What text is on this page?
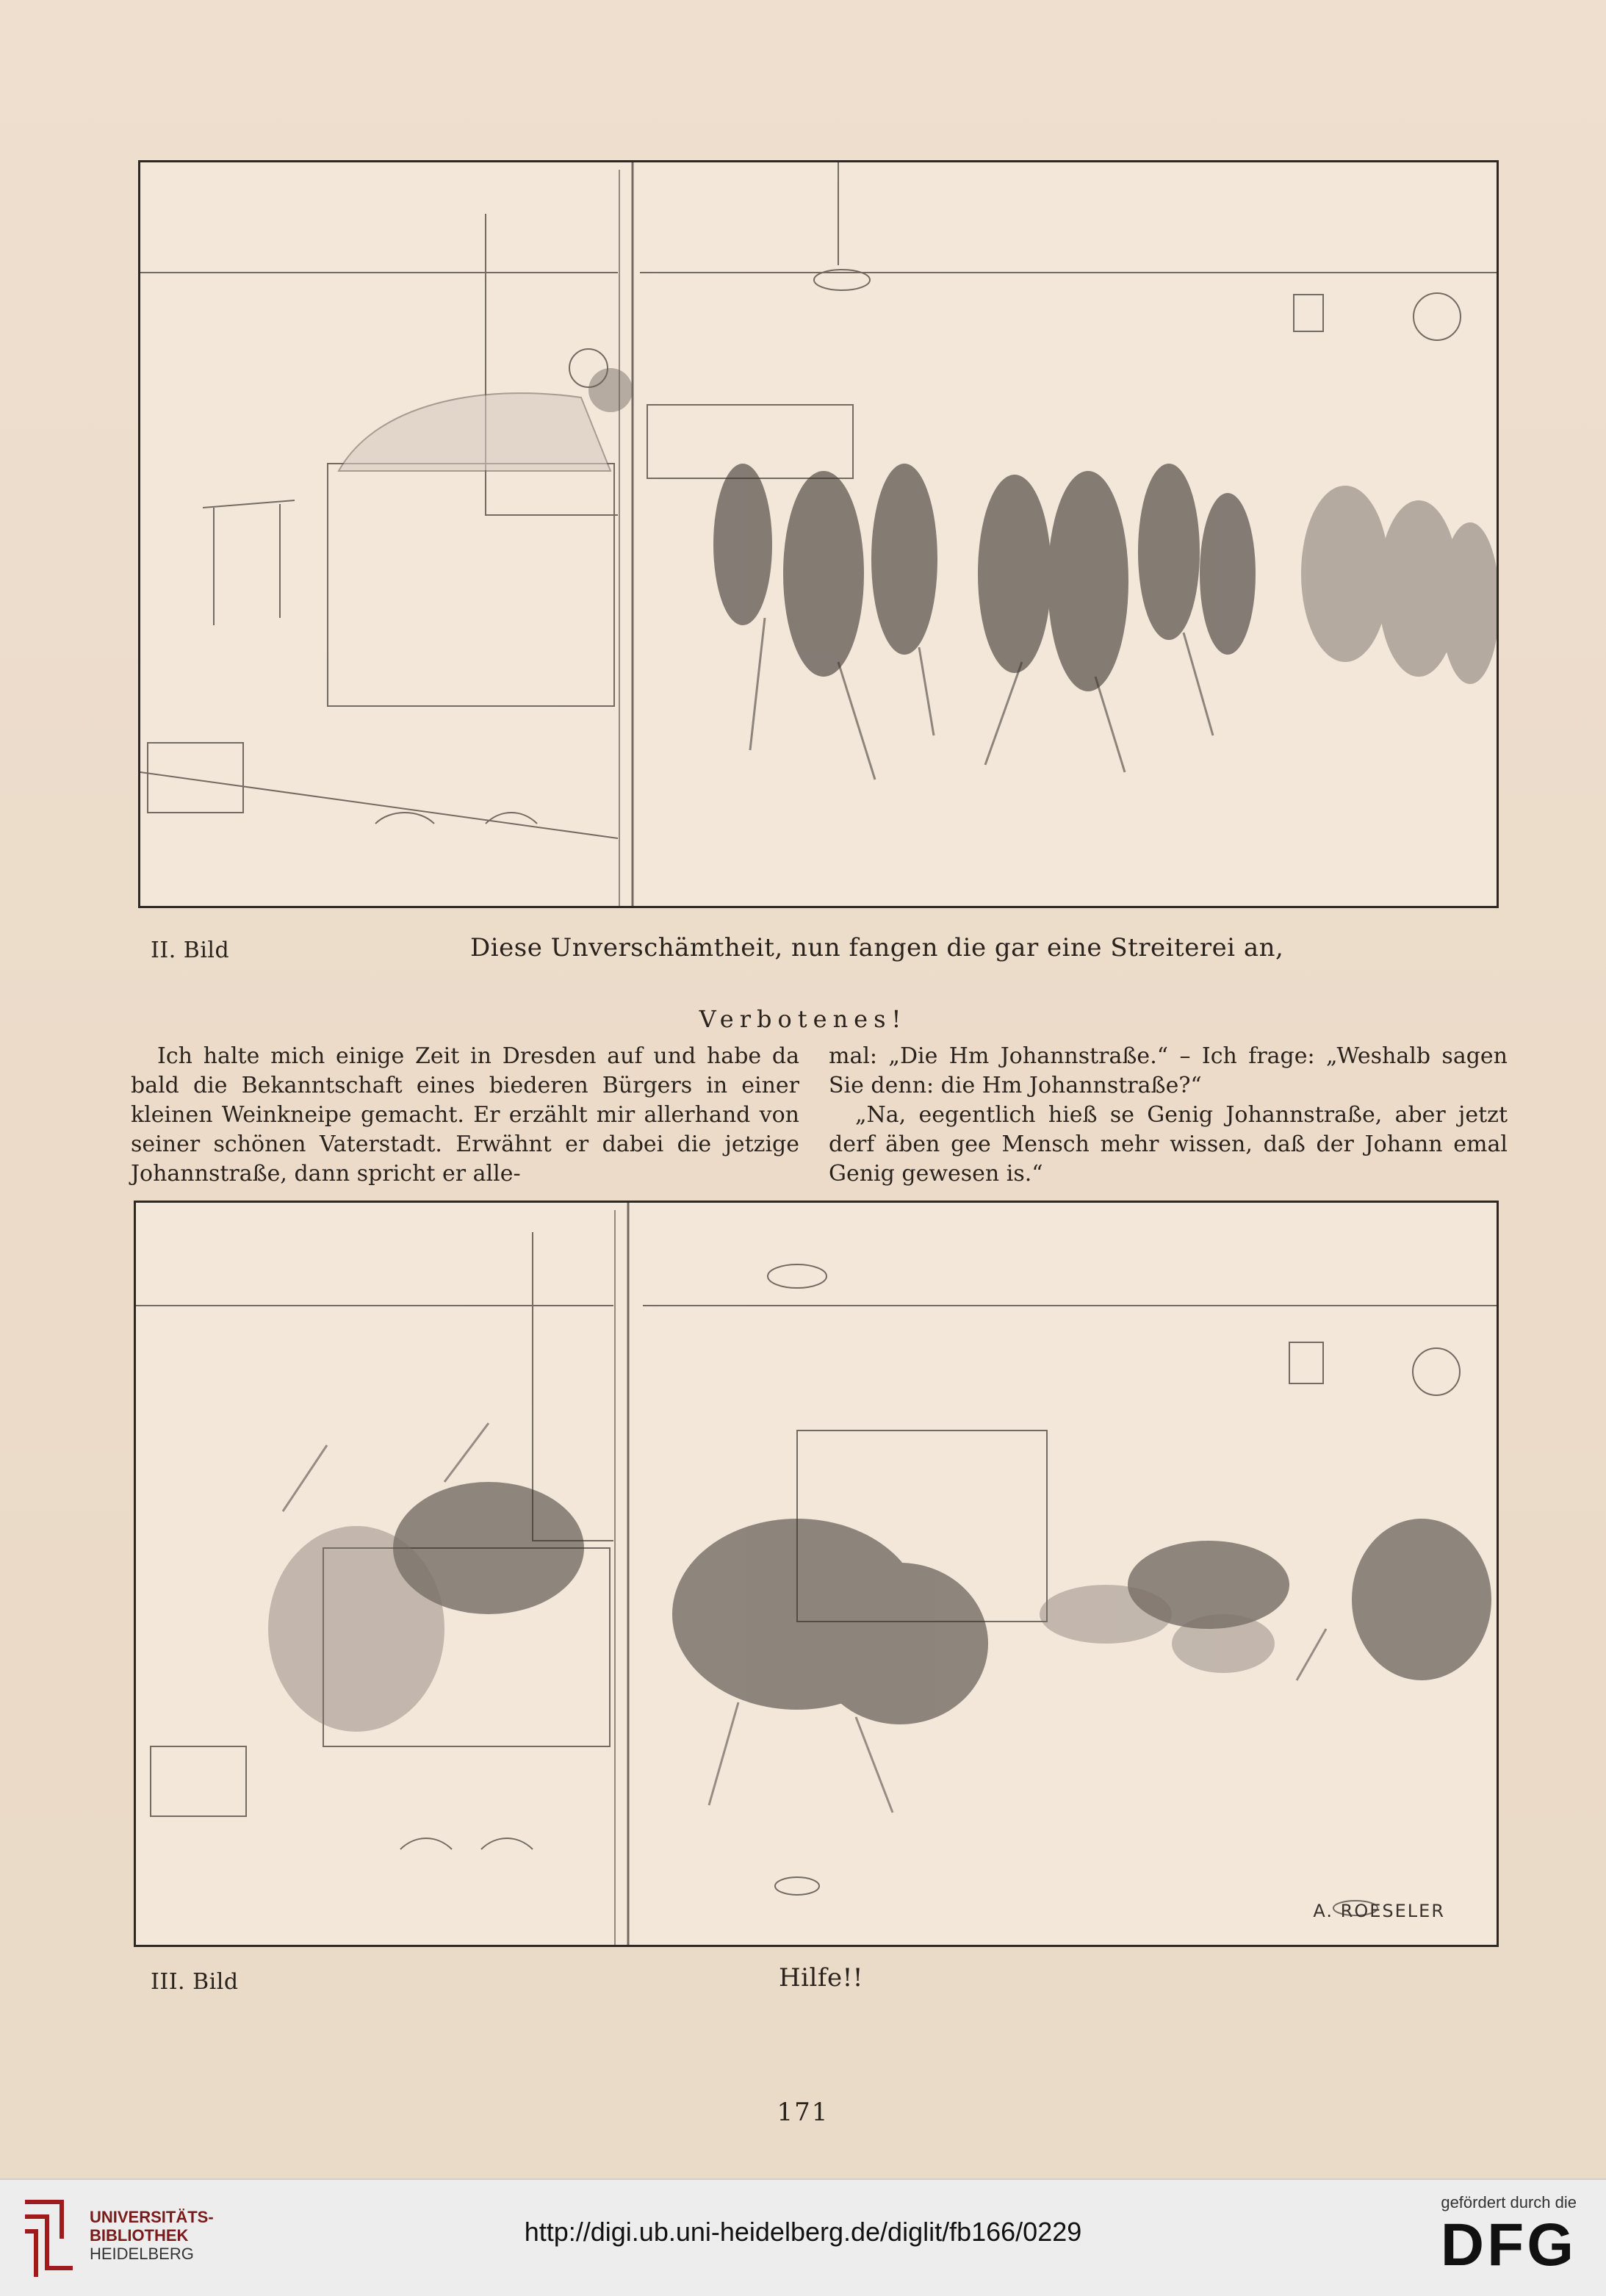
II. Bild	Diese Unverschämtheit, nun fangen die gar eine Streiterei an,
Verbotenes!

Ich halte mich einige Zeit in Dresden auf und habe da bald die Bekanntschaft eines biederen Bürgers in einer kleinen Weinkneipe gemacht. Er erzählt mir allerhand von seiner schönen Vaterstadt. Erwähnt er dabei die jetzige Johannstraße, dann spricht er alle-

mal: „Die Hm Johannstraße.“ – Ich frage: „Weshalb sagen Sie denn: die Hm Johannstraße?“

„Na, eegentlich hieß se Genig Johannstraße, aber jetzt derf äben gee Mensch mehr wissen, daß der Johann emal Genig gewesen is.“

A. ROESELER
III. Bild	Hilfe!!
171
UNIVERSITÄTS-
BIBLIOTHEK
HEIDELBERG
http://digi.ub.uni-heidelberg.de/diglit/fb166/0229
gefördert durch die
DFG
